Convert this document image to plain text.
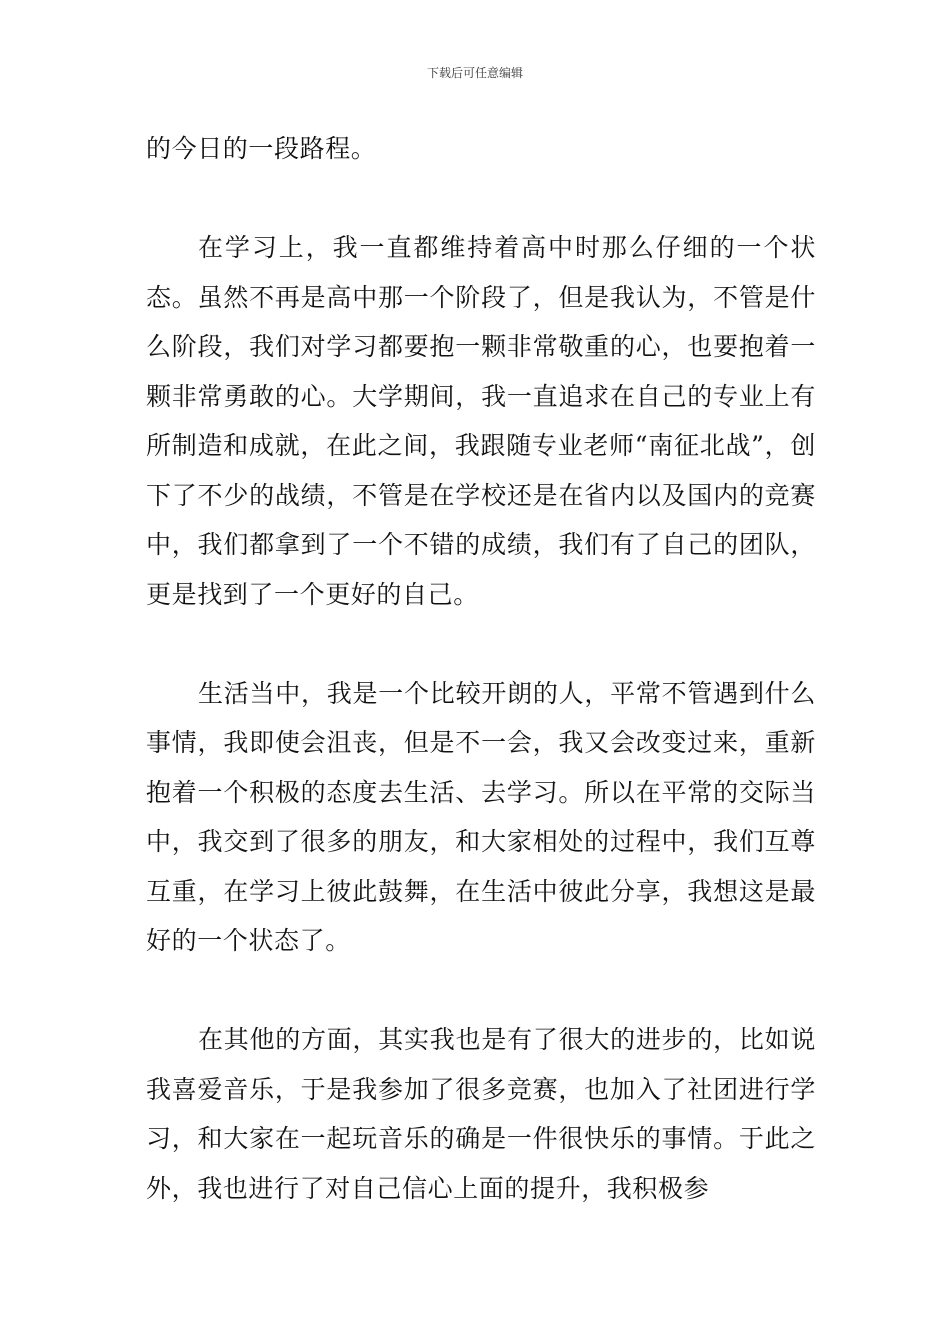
下载后可任意编辑

的今日的一段路程。

在学习上，我一直都维持着高中时那么仔细的一个状态。虽然不再是高中那一个阶段了，但是我认为，不管是什么阶段，我们对学习都要抱一颗非常敬重的心，也要抱着一颗非常勇敢的心。大学期间，我一直追求在自己的专业上有所制造和成就，在此之间，我跟随专业老师“南征北战”，创下了不少的战绩，不管是在学校还是在省内以及国内的竞赛中，我们都拿到了一个不错的成绩，我们有了自己的团队，更是找到了一个更好的自己。

生活当中，我是一个比较开朗的人，平常不管遇到什么事情，我即使会沮丧，但是不一会，我又会改变过来，重新抱着一个积极的态度去生活、去学习。所以在平常的交际当中，我交到了很多的朋友，和大家相处的过程中，我们互尊互重，在学习上彼此鼓舞，在生活中彼此分享，我想这是最好的一个状态了。

在其他的方面，其实我也是有了很大的进步的，比如说我喜爱音乐，于是我参加了很多竞赛，也加入了社团进行学习，和大家在一起玩音乐的确是一件很快乐的事情。于此之外，我也进行了对自己信心上面的提升，我积极参
